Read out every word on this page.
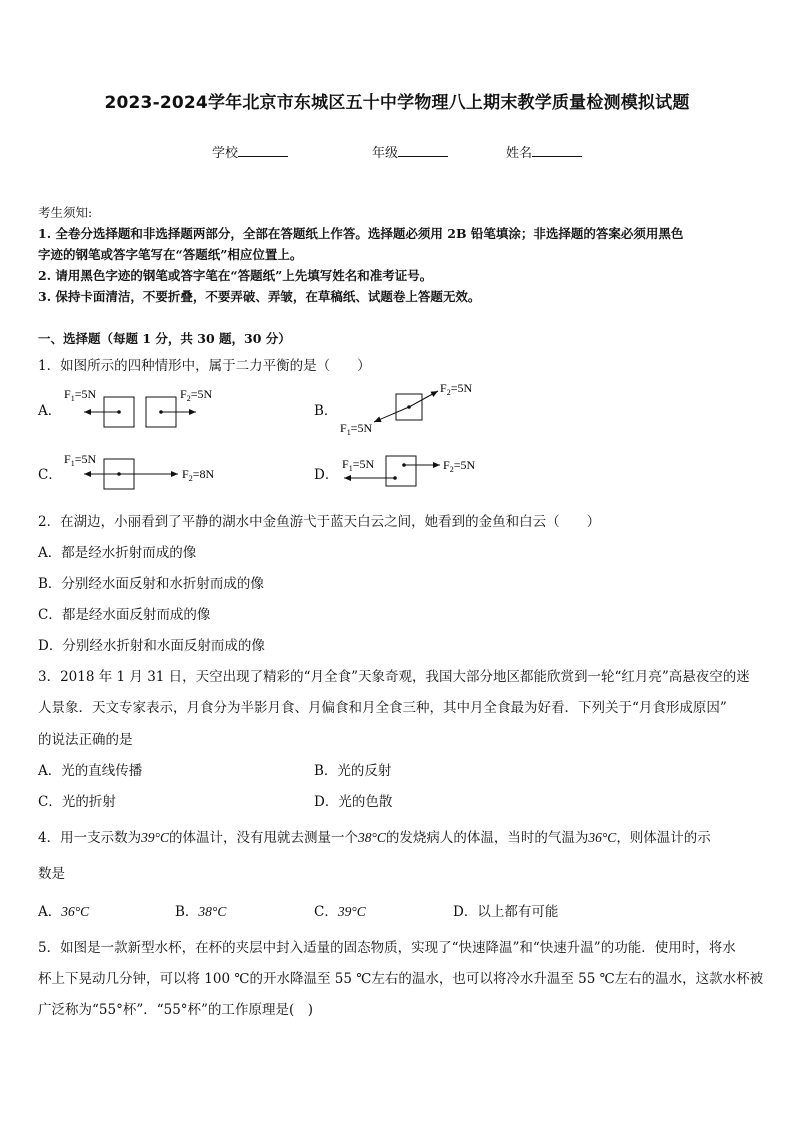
2023-2024学年北京市东城区五十中学物理八上期末教学质量检测模拟试题
学校	年级	姓名
考生须知:
1. 全卷分选择题和非选择题两部分，全部在答题纸上作答。选择题必须用 2B 铅笔填涂；非选择题的答案必须用黑色
字迹的钢笔或答字笔写在“答题纸”相应位置上。
2. 请用黑色字迹的钢笔或答字笔在“答题纸”上先填写姓名和准考证号。
3. 保持卡面清洁，不要折叠，不要弄破、弄皱，在草稿纸、试题卷上答题无效。
一、选择题（每题 1 分，共 30 题，30 分）
1．如图所示的四种情形中，属于二力平衡的是（　　）
A．
$F_1=5N$	$F_2=5N$
B．
$F_2=5N$
$F_1=5N$
C．
$F_1=5N$
$F_2=8N$	D．
$F_1=5N$	$F_2=5N$
2．在湖边，小丽看到了平静的湖水中金鱼游弋于蓝天白云之间，她看到的金鱼和白云（　　）
A．都是经水折射而成的像
B．分别经水面反射和水折射而成的像
C．都是经水面反射而成的像
D．分别经水折射和水面反射而成的像
3．2018 年 1 月 31 日，天空出现了精彩的“月全食”天象奇观，我国大部分地区都能欣赏到一轮“红月亮”高悬夜空的迷
人景象．天文专家表示，月食分为半影月食、月偏食和月全食三种，其中月全食最为好看．下列关于“月食形成原因”
的说法正确的是
A．光的直线传播	B．光的反射
C．光的折射	D．光的色散
4．用一支示数为39°C的体温计，没有甩就去测量一个38°C的发烧病人的体温，当时的气温为36°C，则体温计的示
数是
A．36°C	B．38°C	C．39°C	D．以上都有可能
5．如图是一款新型水杯，在杯的夹层中封入适量的固态物质，实现了“快速降温”和“快速升温”的功能．使用时，将水
杯上下晃动几分钟，可以将 100 ℃的开水降温至 55 ℃左右的温水，也可以将冷水升温至 55 ℃左右的温水，这款水杯被
广泛称为“55°杯”．“55°杯”的工作原理是(　)
